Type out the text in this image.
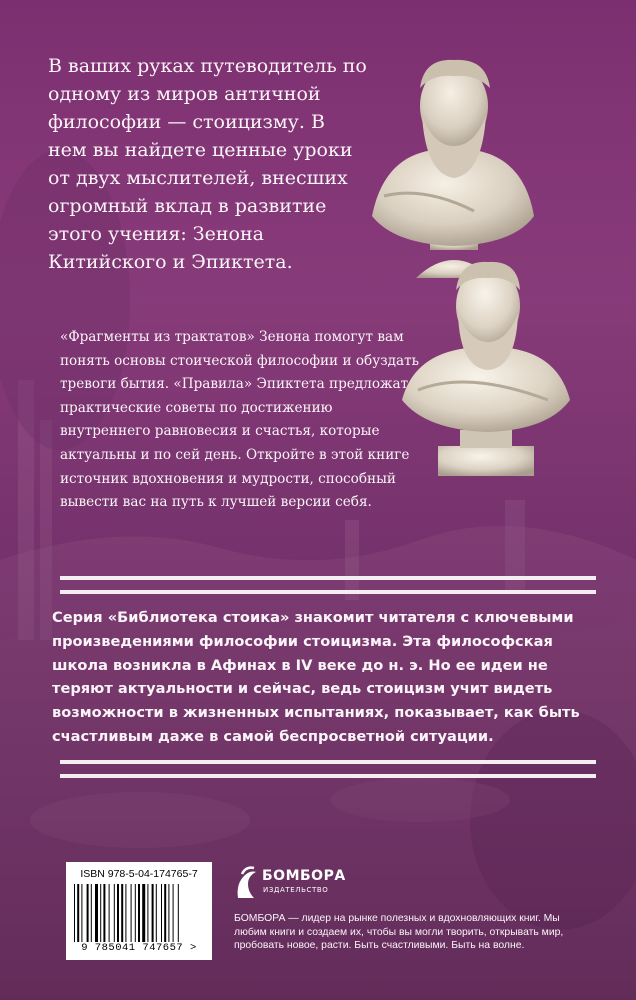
В ваших руках путеводитель по одному из миров античной философии — стоицизму. В нем вы найдете ценные уроки от двух мыслителей, внесших огромный вклад в развитие этого учения: Зенона Китийского и Эпиктета.
«Фрагменты из трактатов» Зенона помогут вам понять основы стоической философии и обуздать тревоги бытия. «Правила» Эпиктета предложат практические советы по достижению внутреннего равновесия и счастья, которые актуальны и по сей день. Откройте в этой книге источник вдохновения и мудрости, способный вывести вас на путь к лучшей версии себя.
Серия «Библиотека стоика» знакомит читателя с ключевыми произведениями философии стоицизма. Эта философская школа возникла в Афинах в IV веке до н. э. Но ее идеи не теряют актуальности и сейчас, ведь стоицизм учит видеть возможности в жизненных испытаниях, показывает, как быть счастливым даже в самой беспросветной ситуации.
ISBN 978-5-04-174765-7
9 785041 747657 >
БОМБОРА
ИЗДАТЕЛЬСТВО
БОМБОРА — лидер на рынке полезных и вдохновляющих книг. Мы любим книги и создаем их, чтобы вы могли творить, открывать мир, пробовать новое, расти. Быть счастливыми. Быть на волне.
